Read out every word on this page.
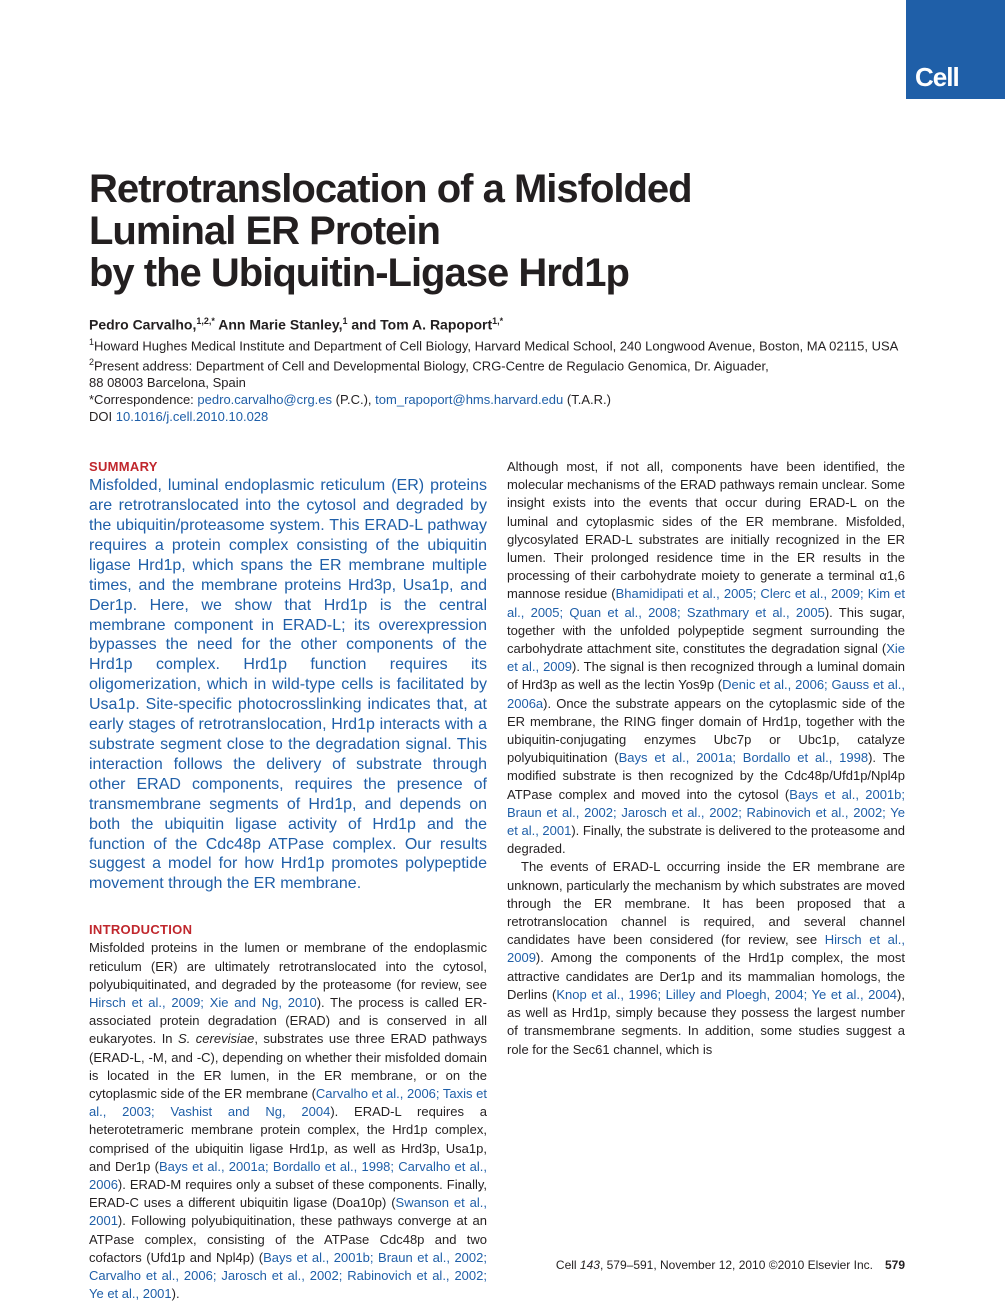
Cell
Retrotranslocation of a Misfolded
Luminal ER Protein
by the Ubiquitin-Ligase Hrd1p
Pedro Carvalho,$^{1,2,*}$ Ann Marie Stanley,$^1$ and Tom A. Rapoport$^{1,*}$
$^1$Howard Hughes Medical Institute and Department of Cell Biology, Harvard Medical School, 240 Longwood Avenue, Boston, MA 02115, USA
$^2$Present address: Department of Cell and Developmental Biology, CRG-Centre de Regulacio Genomica, Dr. Aiguader,
88 08003 Barcelona, Spain
*Correspondence: pedro.carvalho@crg.es (P.C.), tom_rapoport@hms.harvard.edu (T.A.R.)
DOI 10.1016/j.cell.2010.10.028
SUMMARY

Misfolded, luminal endoplasmic reticulum (ER) proteins are retrotranslocated into the cytosol and degraded by the ubiquitin/proteasome system. This ERAD-L pathway requires a protein complex consisting of the ubiquitin ligase Hrd1p, which spans the ER membrane multiple times, and the membrane proteins Hrd3p, Usa1p, and Der1p. Here, we show that Hrd1p is the central membrane component in ERAD-L; its overexpression bypasses the need for the other components of the Hrd1p complex. Hrd1p function requires its oligomerization, which in wild-type cells is facilitated by Usa1p. Site-specific photocrosslinking indicates that, at early stages of retrotranslocation, Hrd1p interacts with a substrate segment close to the degradation signal. This interaction follows the delivery of substrate through other ERAD components, requires the presence of transmembrane segments of Hrd1p, and depends on both the ubiquitin ligase activity of Hrd1p and the function of the Cdc48p ATPase complex. Our results suggest a model for how Hrd1p promotes polypeptide movement through the ER membrane.

INTRODUCTION

Misfolded proteins in the lumen or membrane of the endoplasmic reticulum (ER) are ultimately retrotranslocated into the cytosol, polyubiquitinated, and degraded by the proteasome (for review, see Hirsch et al., 2009; Xie and Ng, 2010). The process is called ER-associated protein degradation (ERAD) and is conserved in all eukaryotes. In S. cerevisiae, substrates use three ERAD pathways (ERAD-L, -M, and -C), depending on whether their misfolded domain is located in the ER lumen, in the ER membrane, or on the cytoplasmic side of the ER membrane (Carvalho et al., 2006; Taxis et al., 2003; Vashist and Ng, 2004). ERAD-L requires a heterotetrameric membrane protein complex, the Hrd1p complex, comprised of the ubiquitin ligase Hrd1p, as well as Hrd3p, Usa1p, and Der1p (Bays et al., 2001a; Bordallo et al., 1998; Carvalho et al., 2006). ERAD-M requires only a subset of these components. Finally, ERAD-C uses a different ubiquitin ligase (Doa10p) (Swanson et al., 2001). Following polyubiquitination, these pathways converge at an ATPase complex, consisting of the ATPase Cdc48p and two cofactors (Ufd1p and Npl4p) (Bays et al., 2001b; Braun et al., 2002; Carvalho et al., 2006; Jarosch et al., 2002; Rabinovich et al., 2002; Ye et al., 2001).

Although most, if not all, components have been identified, the molecular mechanisms of the ERAD pathways remain unclear. Some insight exists into the events that occur during ERAD-L on the luminal and cytoplasmic sides of the ER membrane. Misfolded, glycosylated ERAD-L substrates are initially recognized in the ER lumen. Their prolonged residence time in the ER results in the processing of their carbohydrate moiety to generate a terminal α1,6 mannose residue (Bhamidipati et al., 2005; Clerc et al., 2009; Kim et al., 2005; Quan et al., 2008; Szathmary et al., 2005). This sugar, together with the unfolded polypeptide segment surrounding the carbohydrate attachment site, constitutes the degradation signal (Xie et al., 2009). The signal is then recognized through a luminal domain of Hrd3p as well as the lectin Yos9p (Denic et al., 2006; Gauss et al., 2006a). Once the substrate appears on the cytoplasmic side of the ER membrane, the RING finger domain of Hrd1p, together with the ubiquitin-conjugating enzymes Ubc7p or Ubc1p, catalyze polyubiquitination (Bays et al., 2001a; Bordallo et al., 1998). The modified substrate is then recognized by the Cdc48p/Ufd1p/Npl4p ATPase complex and moved into the cytosol (Bays et al., 2001b; Braun et al., 2002; Jarosch et al., 2002; Rabinovich et al., 2002; Ye et al., 2001). Finally, the substrate is delivered to the proteasome and degraded.

The events of ERAD-L occurring inside the ER membrane are unknown, particularly the mechanism by which substrates are moved through the ER membrane. It has been proposed that a retrotranslocation channel is required, and several channel candidates have been considered (for review, see Hirsch et al., 2009). Among the components of the Hrd1p complex, the most attractive candidates are Der1p and its mammalian homologs, the Derlins (Knop et al., 1996; Lilley and Ploegh, 2004; Ye et al., 2004), as well as Hrd1p, simply because they possess the largest number of transmembrane segments. In addition, some studies suggest a role for the Sec61 channel, which is

Cell 143, 579–591, November 12, 2010 ©2010 Elsevier Inc. 579
